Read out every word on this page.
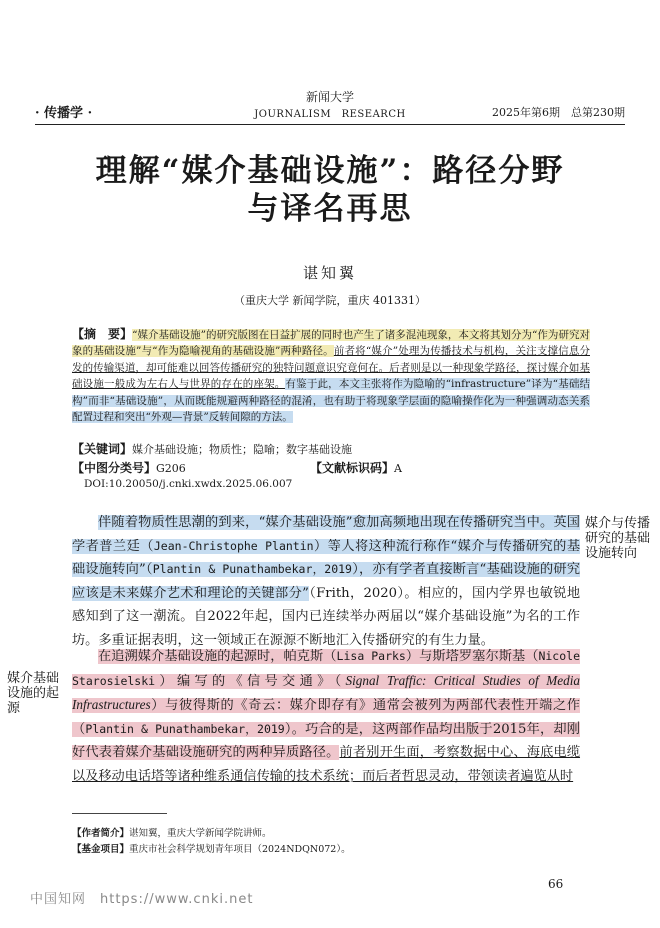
· 传播学 ·
新闻大学
JOURNALISM　RESEARCH	2025年第6期　总第230期
理解“媒介基础设施”：路径分野
与译名再思
谌知翼
（重庆大学 新闻学院，重庆 401331）
【摘　要】“媒介基础设施”的研究版图在日益扩展的同时也产生了诸多混沌现象，本文将其划分为“作为研究对象的基础设施”与“作为隐喻视角的基础设施”两种路径。前者将“媒介”处理为传播技术与机构，关注支撑信息分发的传输渠道，却可能难以回答传播研究的独特问题意识究竟何在。后者则是以一种现象学路径，探讨媒介如基础设施一般成为左右人与世界的存在的座架。有鉴于此，本文主张将作为隐喻的“infrastructure”译为“基础结构”而非“基础设施”，从而既能规避两种路径的混淆，也有助于将现象学层面的隐喻操作化为一种强调动态关系配置过程和突出“外观—背景”反转间隙的方法。
【关键词】媒介基础设施；物质性；隐喻；数字基础设施
【中图分类号】G206	【文献标识码】A
DOI:10.20050/j.cnki.xwdx.2025.06.007
伴随着物质性思潮的到来，“媒介基础设施”愈加高频地出现在传播研究当中。英国学者普兰廷（Jean-Christophe Plantin）等人将这种流行称作“媒介与传播研究的基础设施转向”（Plantin & Punathambekar，2019），亦有学者直接断言“基础设施的研究应该是未来媒介艺术和理论的关键部分”（Frith，2020）。相应的，国内学界也敏锐地感知到了这一潮流。自2022年起，国内已连续举办两届以“媒介基础设施”为名的工作坊。多重证据表明，这一领域正在源源不断地汇入传播研究的有生力量。
在追溯媒介基础设施的起源时，帕克斯（Lisa Parks）与斯塔罗塞尔斯基（Nicole Starosielski）编写的《信号交通》（Signal Traffic: Critical Studies of Media Infrastructures）与彼得斯的《奇云：媒介即存有》通常会被列为两部代表性开端之作（Plantin & Punathambekar，2019）。巧合的是，这两部作品均出版于2015年，却刚好代表着媒介基础设施研究的两种异质路径。前者别开生面，考察数据中心、海底电缆以及移动电话塔等诸种维系通信传输的技术系统；而后者哲思灵动，带领读者遍览从时
媒介与传播研究的基础设施转向
媒介基础设施的起源
【作者简介】谌知翼，重庆大学新闻学院讲师。
【基金项目】重庆市社会科学规划青年项目（2024NDQN072）。
66
中国知网　https://www.cnki.net
